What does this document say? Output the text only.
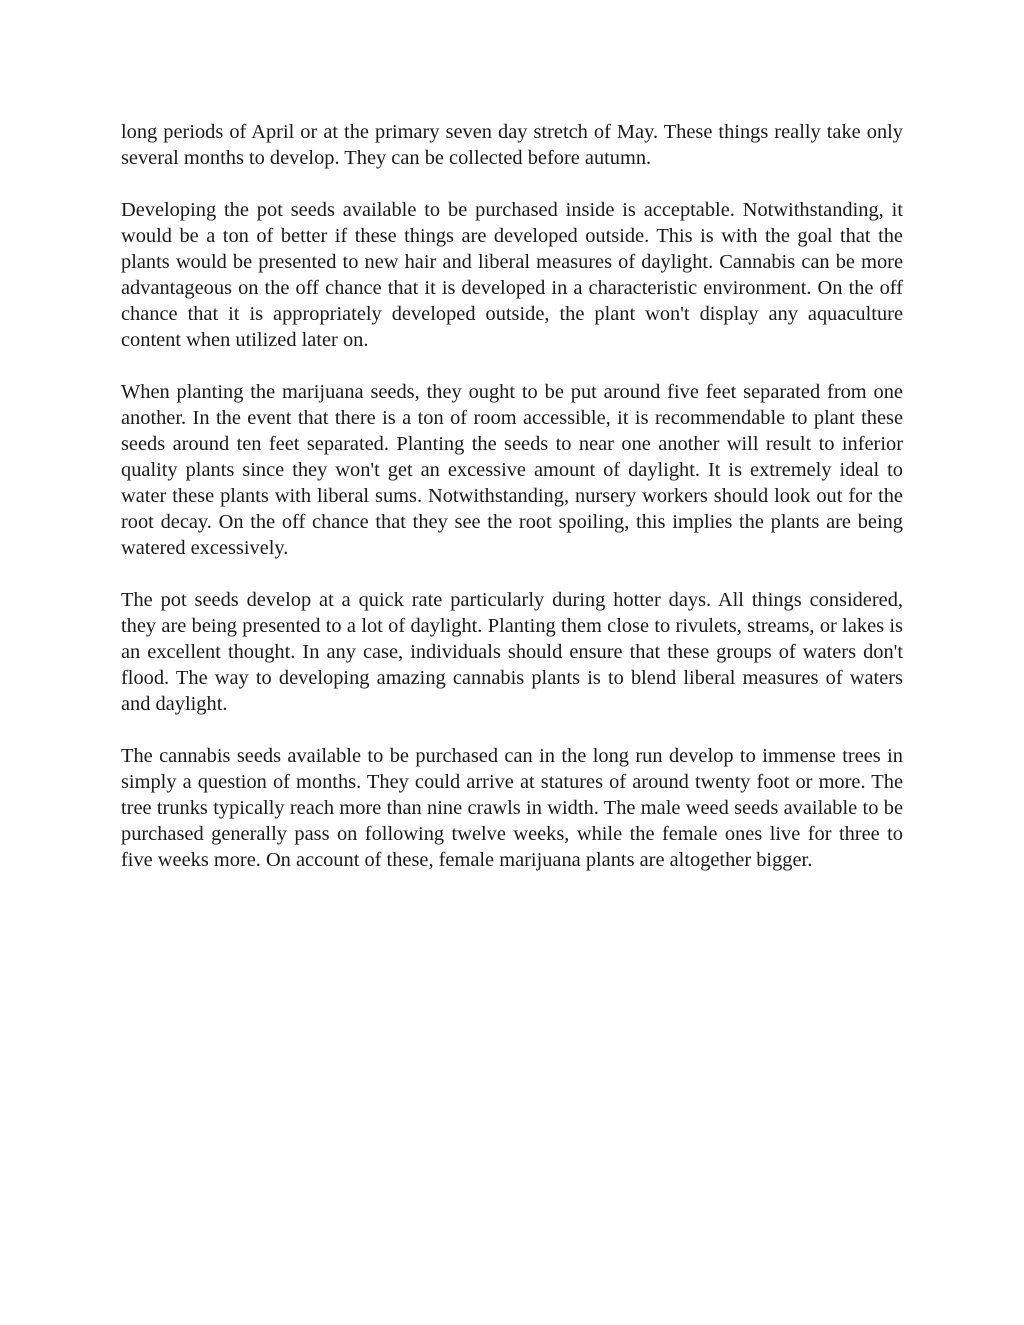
long periods of April or at the primary seven day stretch of May. These things really take only several months to develop. They can be collected before autumn.

Developing the pot seeds available to be purchased inside is acceptable. Notwithstanding, it would be a ton of better if these things are developed outside. This is with the goal that the plants would be presented to new hair and liberal measures of daylight. Cannabis can be more advantageous on the off chance that it is developed in a characteristic environment. On the off chance that it is appropriately developed outside, the plant won't display any aquaculture content when utilized later on.

When planting the marijuana seeds, they ought to be put around five feet separated from one another. In the event that there is a ton of room accessible, it is recommendable to plant these seeds around ten feet separated. Planting the seeds to near one another will result to inferior quality plants since they won't get an excessive amount of daylight. It is extremely ideal to water these plants with liberal sums. Notwithstanding, nursery workers should look out for the root decay. On the off chance that they see the root spoiling, this implies the plants are being watered excessively.

The pot seeds develop at a quick rate particularly during hotter days. All things considered, they are being presented to a lot of daylight. Planting them close to rivulets, streams, or lakes is an excellent thought. In any case, individuals should ensure that these groups of waters don't flood. The way to developing amazing cannabis plants is to blend liberal measures of waters and daylight.

The cannabis seeds available to be purchased can in the long run develop to immense trees in simply a question of months. They could arrive at statures of around twenty foot or more. The tree trunks typically reach more than nine crawls in width. The male weed seeds available to be purchased generally pass on following twelve weeks, while the female ones live for three to five weeks more. On account of these, female marijuana plants are altogether bigger.
